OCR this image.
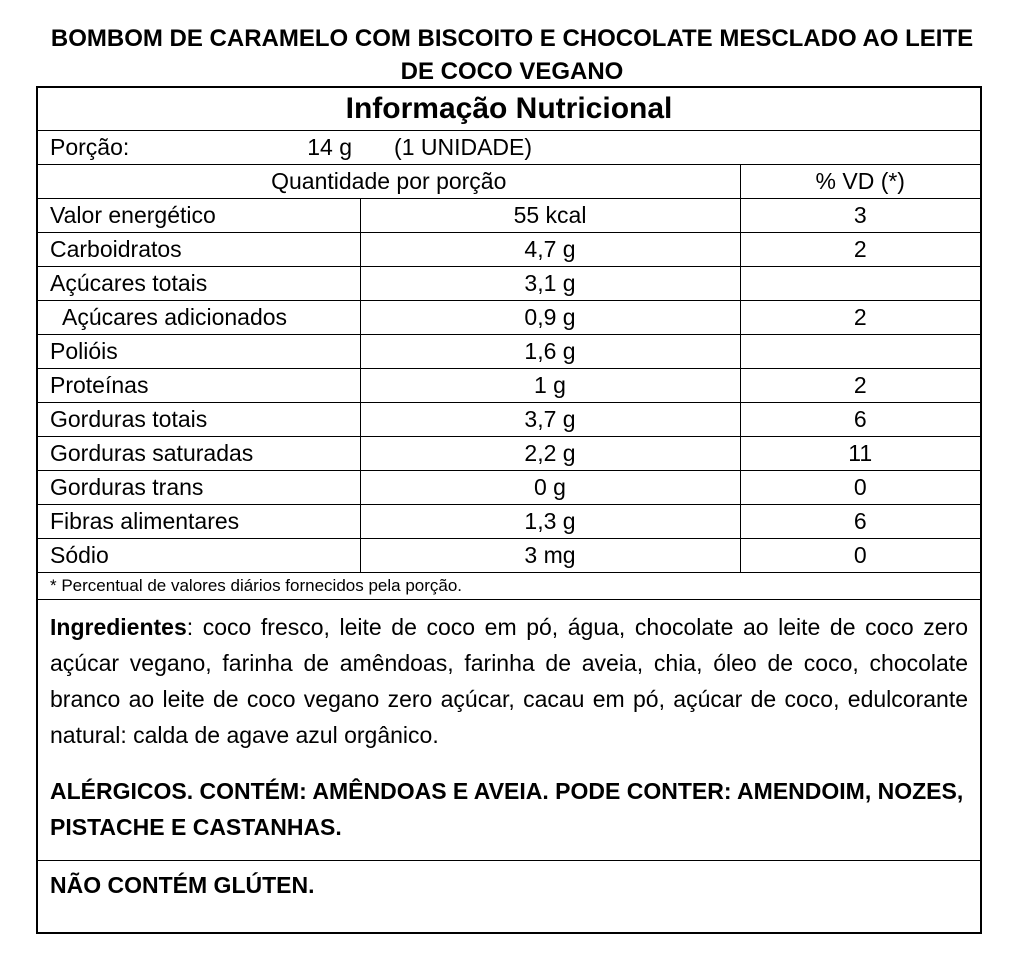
BOMBOM DE CARAMELO COM BISCOITO E CHOCOLATE MESCLADO AO LEITE DE COCO VEGANO
Informação Nutricional		
Porção: 14 g (1 UNIDADE)		
Quantidade por porção		% VD (*)
Valor energético	55 kcal	3
Carboidratos	4,7 g	2
Açúcares totais	3,1 g	
Açúcares adicionados	0,9 g	2
Polióis	1,6 g	
Proteínas	1 g	2
Gorduras totais	3,7 g	6
Gorduras saturadas	2,2 g	11
Gorduras trans	0 g	0
Fibras alimentares	1,3 g	6
Sódio	3 mg	0
* Percentual de valores diários fornecidos pela porção.		
Ingredientes: coco fresco, leite de coco em pó, água, chocolate ao leite de coco zero açúcar vegano, farinha de amêndoas, farinha de aveia, chia, óleo de coco, chocolate branco ao leite de coco vegano zero açúcar, cacau em pó, açúcar de coco, edulcorante natural: calda de agave azul orgânico.
ALÉRGICOS. CONTÉM: AMÊNDOAS E AVEIA. PODE CONTER: AMENDOIM, NOZES, PISTACHE E CASTANHAS.
NÃO CONTÉM GLÚTEN.
